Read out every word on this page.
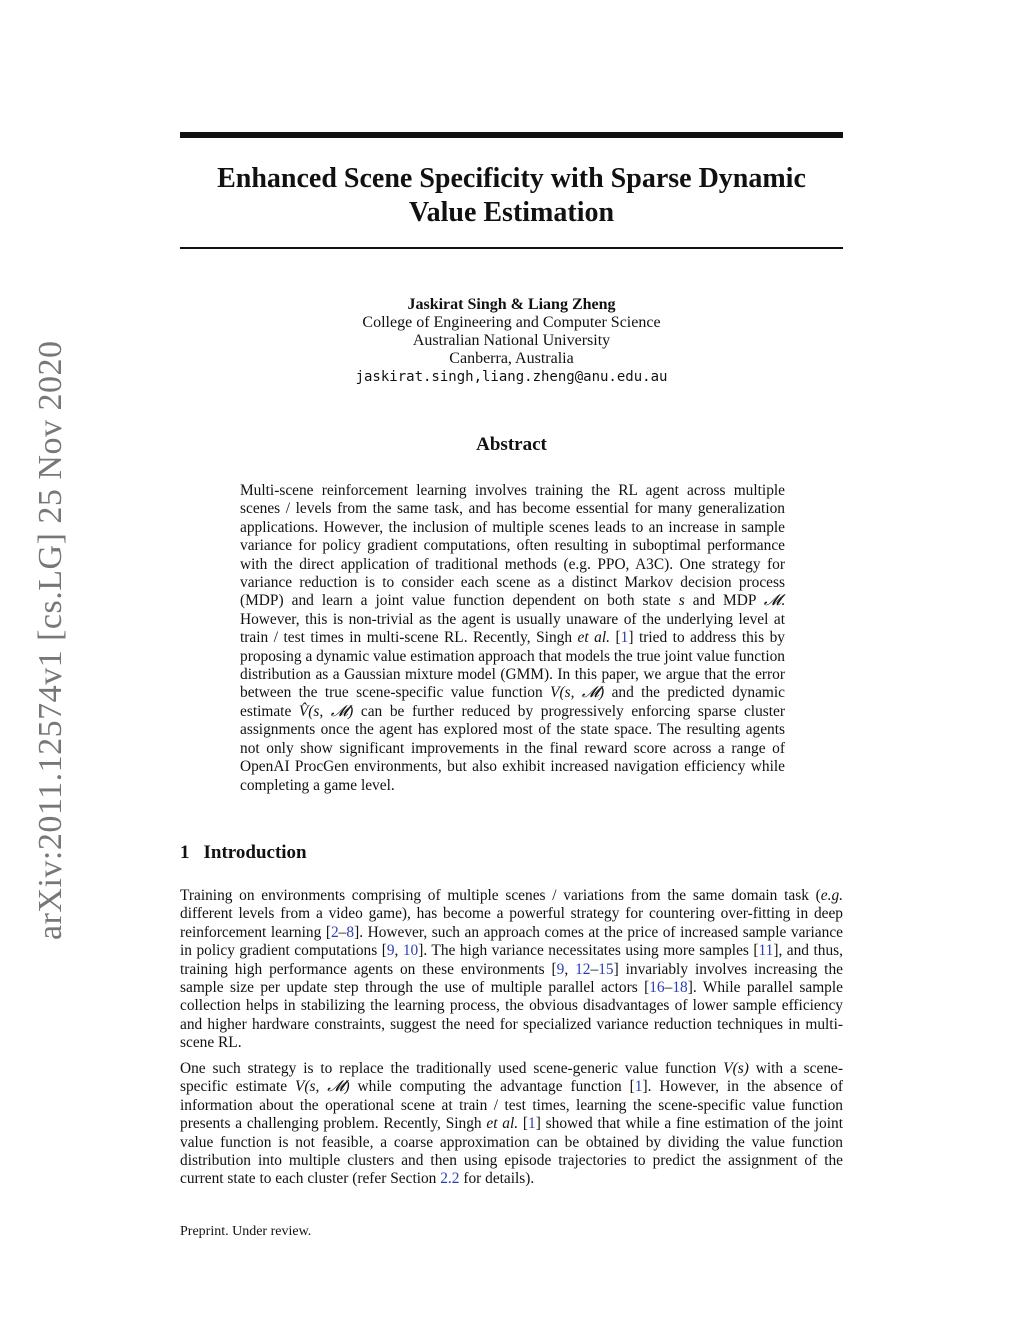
arXiv:2011.12574v1 [cs.LG] 25 Nov 2020
Enhanced Scene Specificity with Sparse Dynamic
Value Estimation
Jaskirat Singh & Liang Zheng
College of Engineering and Computer Science
Australian National University
Canberra, Australia
jaskirat.singh,liang.zheng@anu.edu.au
Abstract

Multi-scene reinforcement learning involves training the RL agent across multiple scenes / levels from the same task, and has become essential for many generalization applications. However, the inclusion of multiple scenes leads to an increase in sample variance for policy gradient computations, often resulting in suboptimal performance with the direct application of traditional methods (e.g. PPO, A3C). One strategy for variance reduction is to consider each scene as a distinct Markov decision process (MDP) and learn a joint value function dependent on both state s and MDP 𝓜. However, this is non-trivial as the agent is usually unaware of the underlying level at train / test times in multi-scene RL. Recently, Singh et al. [1] tried to address this by proposing a dynamic value estimation approach that models the true joint value function distribution as a Gaussian mixture model (GMM). In this paper, we argue that the error between the true scene-specific value function V(s, 𝓜) and the predicted dynamic estimate V̂(s, 𝓜) can be further reduced by progressively enforcing sparse cluster assignments once the agent has explored most of the state space. The resulting agents not only show significant improvements in the final reward score across a range of OpenAI ProcGen environments, but also exhibit increased navigation efficiency while completing a game level.

1 Introduction

Training on environments comprising of multiple scenes / variations from the same domain task (e.g. different levels from a video game), has become a powerful strategy for countering over-fitting in deep reinforcement learning [2–8]. However, such an approach comes at the price of increased sample variance in policy gradient computations [9, 10]. The high variance necessitates using more samples [11], and thus, training high performance agents on these environments [9, 12–15] invariably involves increasing the sample size per update step through the use of multiple parallel actors [16–18]. While parallel sample collection helps in stabilizing the learning process, the obvious disadvantages of lower sample efficiency and higher hardware constraints, suggest the need for specialized variance reduction techniques in multi-scene RL.

One such strategy is to replace the traditionally used scene-generic value function V(s) with a scene-specific estimate V(s, 𝓜) while computing the advantage function [1]. However, in the absence of information about the operational scene at train / test times, learning the scene-specific value function presents a challenging problem. Recently, Singh et al. [1] showed that while a fine estimation of the joint value function is not feasible, a coarse approximation can be obtained by dividing the value function distribution into multiple clusters and then using episode trajectories to predict the assignment of the current state to each cluster (refer Section 2.2 for details).

Preprint. Under review.
